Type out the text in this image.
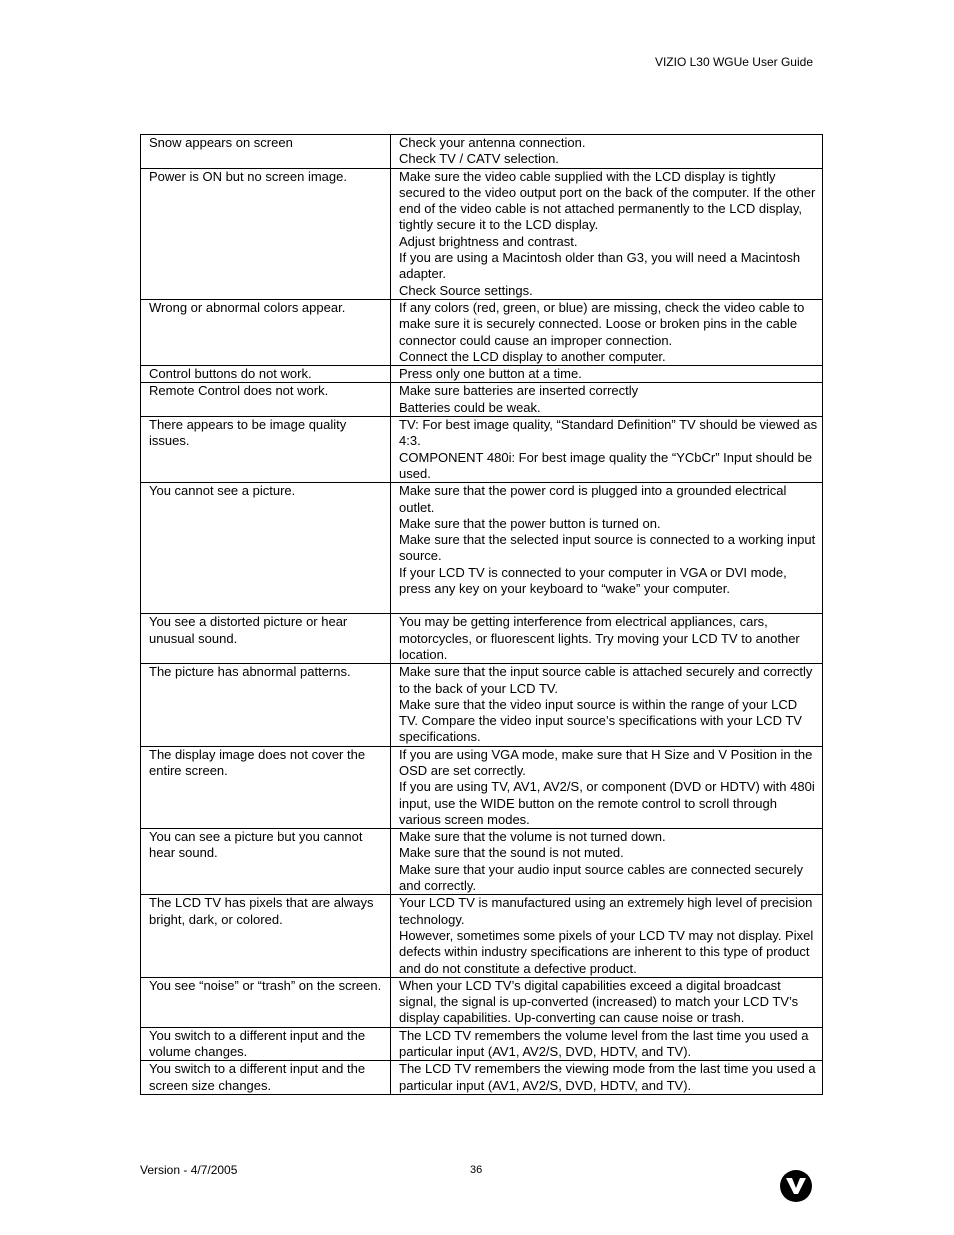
VIZIO L30 WGUe User Guide
Snow appears on screen	Check your antenna connection.
Check TV / CATV selection.

Power is ON but no screen image.	Make sure the video cable supplied with the LCD display is tightly secured to the video output port on the back of the computer. If the other end of the video cable is not attached permanently to the LCD display, tightly secure it to the LCD display.
Adjust brightness and contrast.
If you are using a Macintosh older than G3, you will need a Macintosh adapter.
Check Source settings.

Wrong or abnormal colors appear.	If any colors (red, green, or blue) are missing, check the video cable to make sure it is securely connected. Loose or broken pins in the cable connector could cause an improper connection.
Connect the LCD display to another computer.

Control buttons do not work.	Press only one button at a time.

Remote Control does not work.	Make sure batteries are inserted correctly
Batteries could be weak.

There appears to be image quality issues.	TV: For best image quality, “Standard Definition” TV should be viewed as 4:3.
COMPONENT 480i: For best image quality the “YCbCr” Input should be used.

You cannot see a picture.	Make sure that the power cord is plugged into a grounded electrical outlet.
Make sure that the power button is turned on.
Make sure that the selected input source is connected to a working input source.
If your LCD TV is connected to your computer in VGA or DVI mode, press any key on your keyboard to “wake” your computer.

You see a distorted picture or hear unusual sound.	You may be getting interference from electrical appliances, cars, motorcycles, or fluorescent lights. Try moving your LCD TV to another location.

The picture has abnormal patterns.	Make sure that the input source cable is attached securely and correctly to the back of your LCD TV.
Make sure that the video input source is within the range of your LCD TV. Compare the video input source’s specifications with your LCD TV specifications.

The display image does not cover the entire screen.	If you are using VGA mode, make sure that H Size and V Position in the OSD are set correctly.
If you are using TV, AV1, AV2/S, or component (DVD or HDTV) with 480i input, use the WIDE button on the remote control to scroll through various screen modes.

You can see a picture but you cannot hear sound.	Make sure that the volume is not turned down.
Make sure that the sound is not muted.
Make sure that your audio input source cables are connected securely and correctly.

The LCD TV has pixels that are always bright, dark, or colored.	Your LCD TV is manufactured using an extremely high level of precision technology.
However, sometimes some pixels of your LCD TV may not display. Pixel defects within industry specifications are inherent to this type of product and do not constitute a defective product.

You see “noise” or “trash” on the screen.	When your LCD TV’s digital capabilities exceed a digital broadcast signal, the signal is up-converted (increased) to match your LCD TV’s display capabilities. Up-converting can cause noise or trash.

You switch to a different input and the volume changes.	The LCD TV remembers the volume level from the last time you used a particular input (AV1, AV2/S, DVD, HDTV, and TV).

You switch to a different input and the screen size changes.	The LCD TV remembers the viewing mode from the last time you used a particular input (AV1, AV2/S, DVD, HDTV, and TV).
Version - 4/7/2005	36
